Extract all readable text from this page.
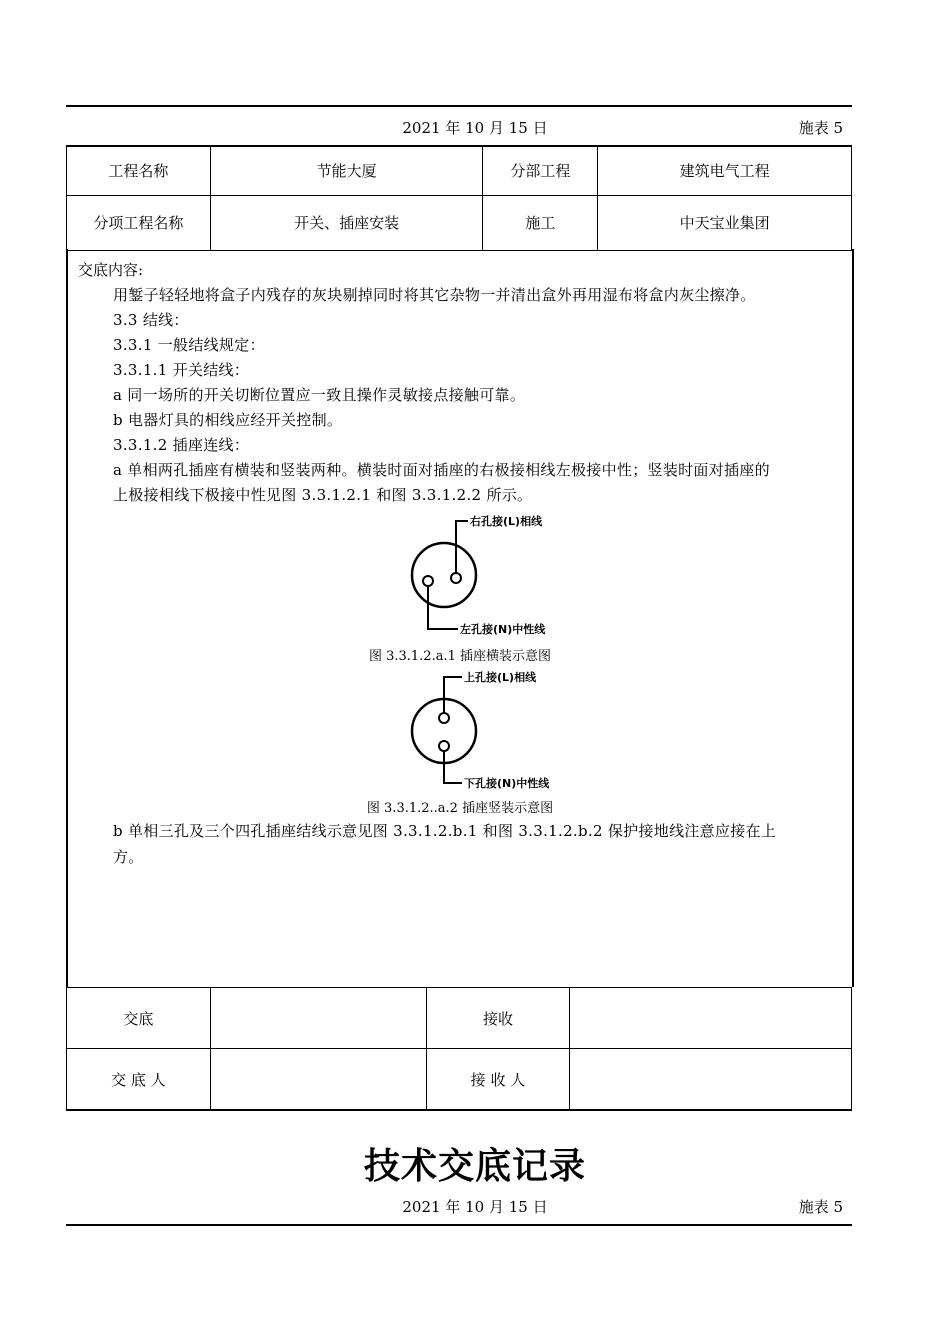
2021 年 10 月 15 日	施表 5
工程名称	节能大厦	分部工程	建筑电气工程
分项工程名称	开关、插座安装	施工	中天宝业集团
交底内容:

用錾子轻轻地将盒子内残存的灰块剔掉同时将其它杂物一并清出盒外再用湿布将盒内灰尘擦净。

3.3 结线：

3.3.1 一般结线规定：

3.3.1.1 开关结线：

a 同一场所的开关切断位置应一致且操作灵敏接点接触可靠。

b 电器灯具的相线应经开关控制。

3.3.1.2 插座连线：

a 单相两孔插座有横装和竖装两种。横装时面对插座的右极接相线左极接中性；竖装时面对插座的

上极接相线下极接中性见图 3.3.1.2.1 和图 3.3.1.2.2 所示。

右孔接(L)相线
左孔接(N)中性线
图 3.3.1.2.a.1 插座横装示意图
上孔接(L)相线
下孔接(N)中性线
图 3.3.1.2..a.2 插座竖装示意图

b 单相三孔及三个四孔插座结线示意见图 3.3.1.2.b.1 和图 3.3.1.2.b.2 保护接地线注意应接在上

方。

交底		接收	
交 底 人		接 收 人	
技术交底记录
2021 年 10 月 15 日	施表 5
